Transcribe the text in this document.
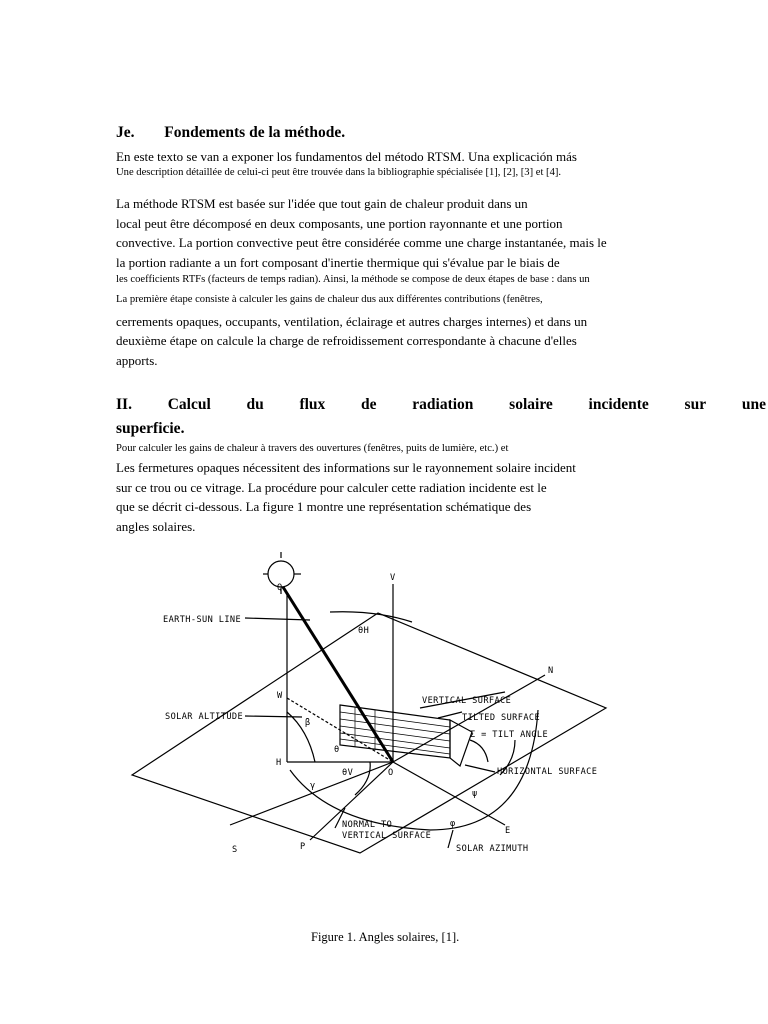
Je. Fondements de la méthode.
En este texto se van a exponer los fundamentos del método RTSM. Una explicación más
Une description détaillée de celui-ci peut être trouvée dans la bibliographie spécialisée [1], [2], [3] et [4].
La méthode RTSM est basée sur l'idée que tout gain de chaleur produit dans un
local peut être décomposé en deux composants, une portion rayonnante et une portion
convective. La portion convective peut être considérée comme une charge instantanée, mais le
la portion radiante a un fort composant d'inertie thermique qui s'évalue par le biais de
les coefficients RTFs (facteurs de temps radian). Ainsi, la méthode se compose de deux étapes de base : dans un
La première étape consiste à calculer les gains de chaleur dus aux différentes contributions (fenêtres,
cerrements opaques, occupants, ventilation, éclairage et autres charges internes) et dans un
deuxième étape on calcule la charge de refroidissement correspondante à chacune d'elles
apports.
II. Calcul du flux de radiation solaire incidente sur une
superficie.
Pour calculer les gains de chaleur à travers des ouvertures (fenêtres, puits de lumière, etc.) et
Les fermetures opaques nécessitent des informations sur le rayonnement solaire incident
sur ce trou ou ce vitrage. La procédure pour calculer cette radiation incidente est le
que se décrit ci-dessous. La figure 1 montre une représentation schématique des
angles solaires.
Q
V
N
W
H
O
E
S	P
θH
β
θ
θV
γ
ψ
φ
EARTH-SUN LINE
SOLAR ALTITUDE
VERTICAL SURFACE
TILTED SURFACE
Σ = TILT ANGLE
HORIZONTAL SURFACE
NORMAL TO
VERTICAL SURFACE
SOLAR AZIMUTH
Figure 1. Angles solaires, [1].
